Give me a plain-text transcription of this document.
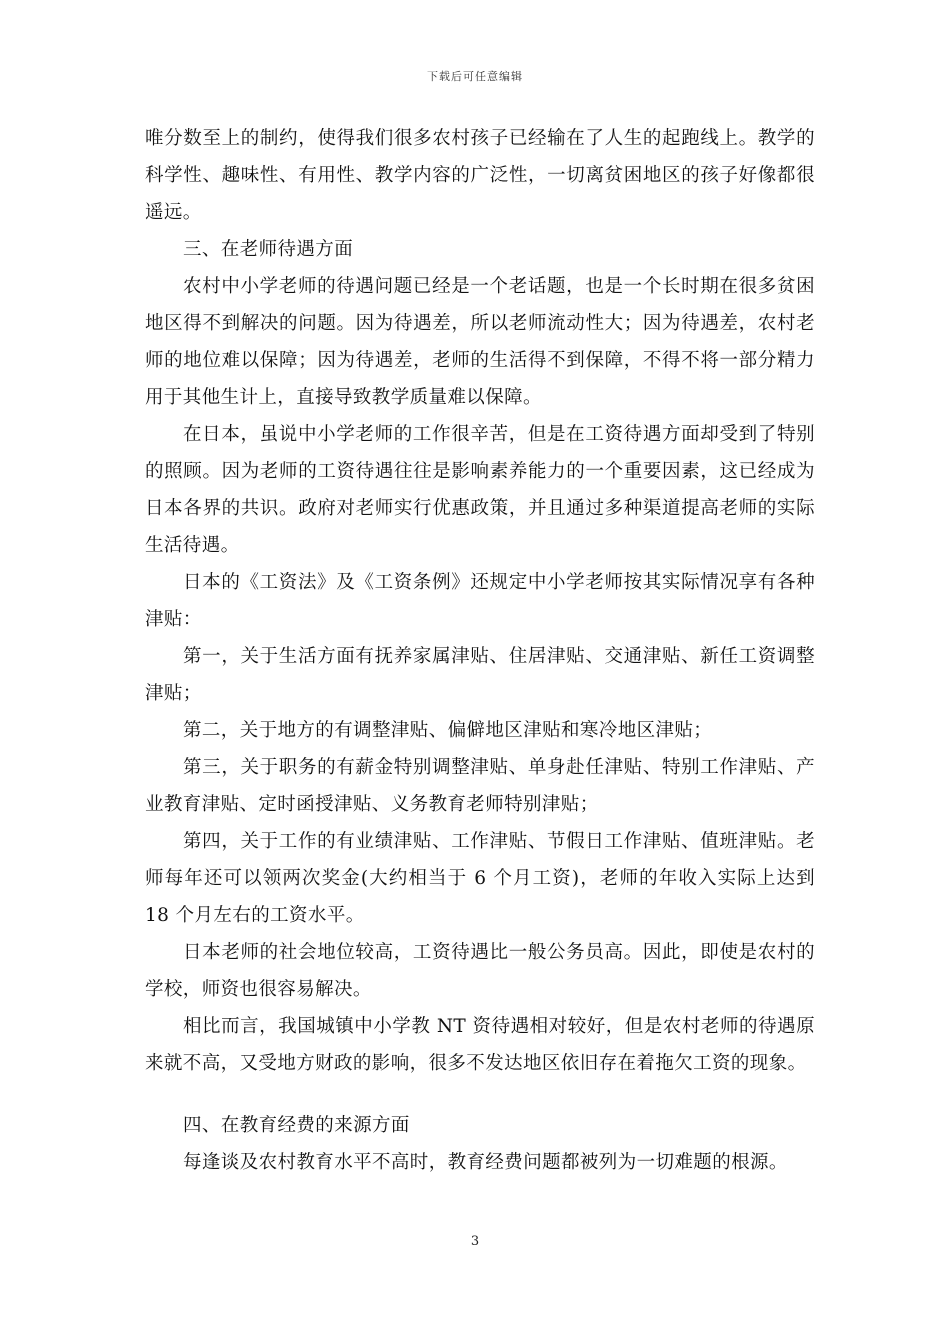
下载后可任意编辑

唯分数至上的制约，使得我们很多农村孩子已经输在了人生的起跑线上。教学的科学性、趣味性、有用性、教学内容的广泛性，一切离贫困地区的孩子好像都很遥远。

三、在老师待遇方面

农村中小学老师的待遇问题已经是一个老话题，也是一个长时期在很多贫困地区得不到解决的问题。因为待遇差，所以老师流动性大；因为待遇差，农村老师的地位难以保障；因为待遇差，老师的生活得不到保障，不得不将一部分精力用于其他生计上，直接导致教学质量难以保障。

在日本，虽说中小学老师的工作很辛苦，但是在工资待遇方面却受到了特别的照顾。因为老师的工资待遇往往是影响素养能力的一个重要因素，这已经成为日本各界的共识。政府对老师实行优惠政策，并且通过多种渠道提高老师的实际生活待遇。

日本的《工资法》及《工资条例》还规定中小学老师按其实际情况享有各种津贴：

第一，关于生活方面有抚养家属津贴、住居津贴、交通津贴、新任工资调整津贴；

第二，关于地方的有调整津贴、偏僻地区津贴和寒冷地区津贴；

第三，关于职务的有薪金特别调整津贴、单身赴任津贴、特别工作津贴、产业教育津贴、定时函授津贴、义务教育老师特别津贴；

第四，关于工作的有业绩津贴、工作津贴、节假日工作津贴、值班津贴。老师每年还可以领两次奖金(大约相当于 6 个月工资)，老师的年收入实际上达到 18 个月左右的工资水平。

日本老师的社会地位较高，工资待遇比一般公务员高。因此，即使是农村的学校，师资也很容易解决。

相比而言，我国城镇中小学教 NT 资待遇相对较好，但是农村老师的待遇原来就不高，又受地方财政的影响，很多不发达地区依旧存在着拖欠工资的现象。

四、在教育经费的来源方面

每逢谈及农村教育水平不高时，教育经费问题都被列为一切难题的根源。

3
